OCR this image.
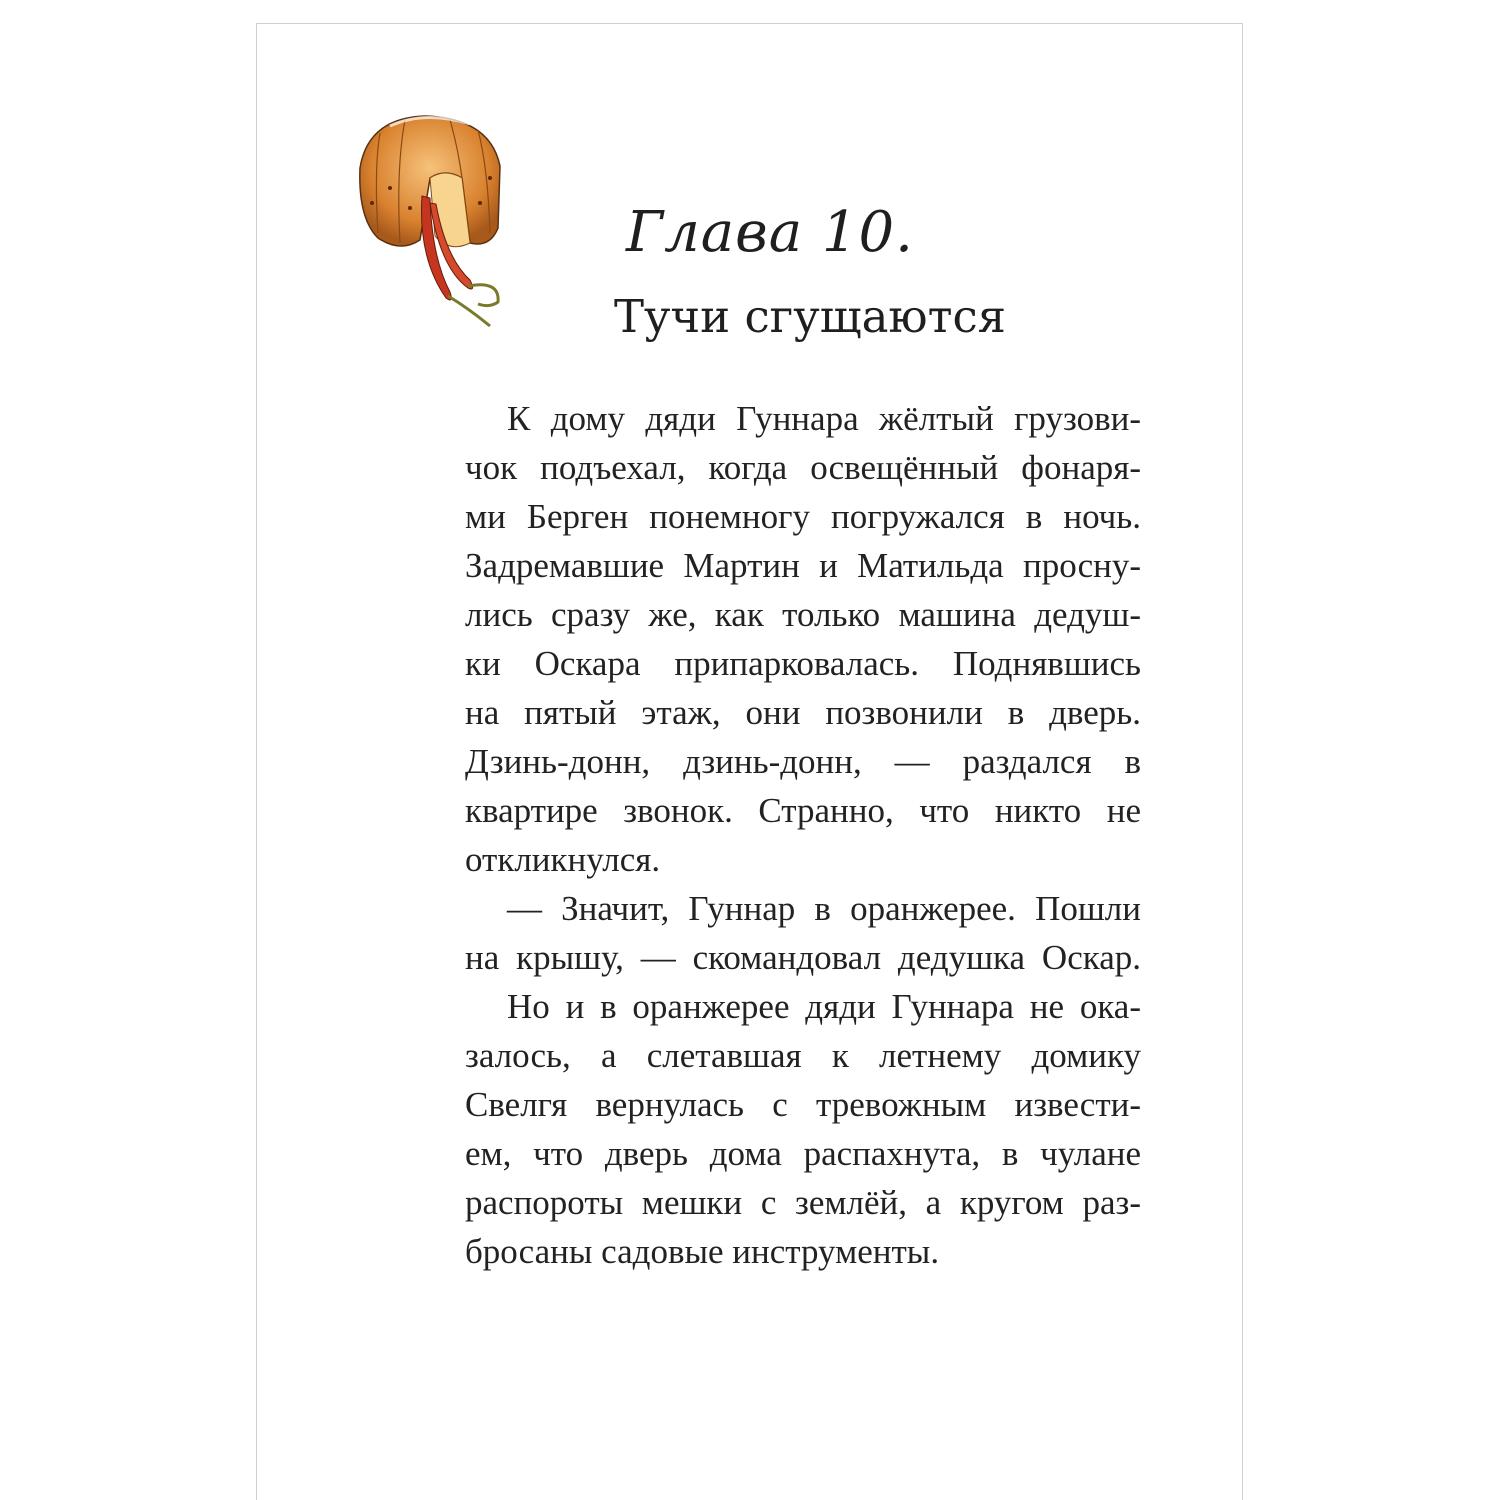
Глава 10.
Тучи сгущаются
К дому дяди Гуннара жёлтый грузови-
чок подъехал, когда освещённый фонаря-
ми Берген понемногу погружался в ночь.
Задремавшие Мартин и Матильда просну-
лись сразу же, как только машина дедуш-
ки Оскара припарковалась. Поднявшись
на пятый этаж, они позвонили в дверь.
Дзинь-донн, дзинь-донн, — раздался в
квартире звонок. Странно, что никто не
откликнулся.
— Значит, Гуннар в оранжерее. Пошли
на крышу, — скомандовал дедушка Оскар.
Но и в оранжерее дяди Гуннара не ока-
залось, а слетавшая к летнему домику
Свелгя вернулась с тревожным извести-
ем, что дверь дома распахнута, в чулане
распороты мешки с землёй, а кругом раз-
бросаны садовые инструменты.
